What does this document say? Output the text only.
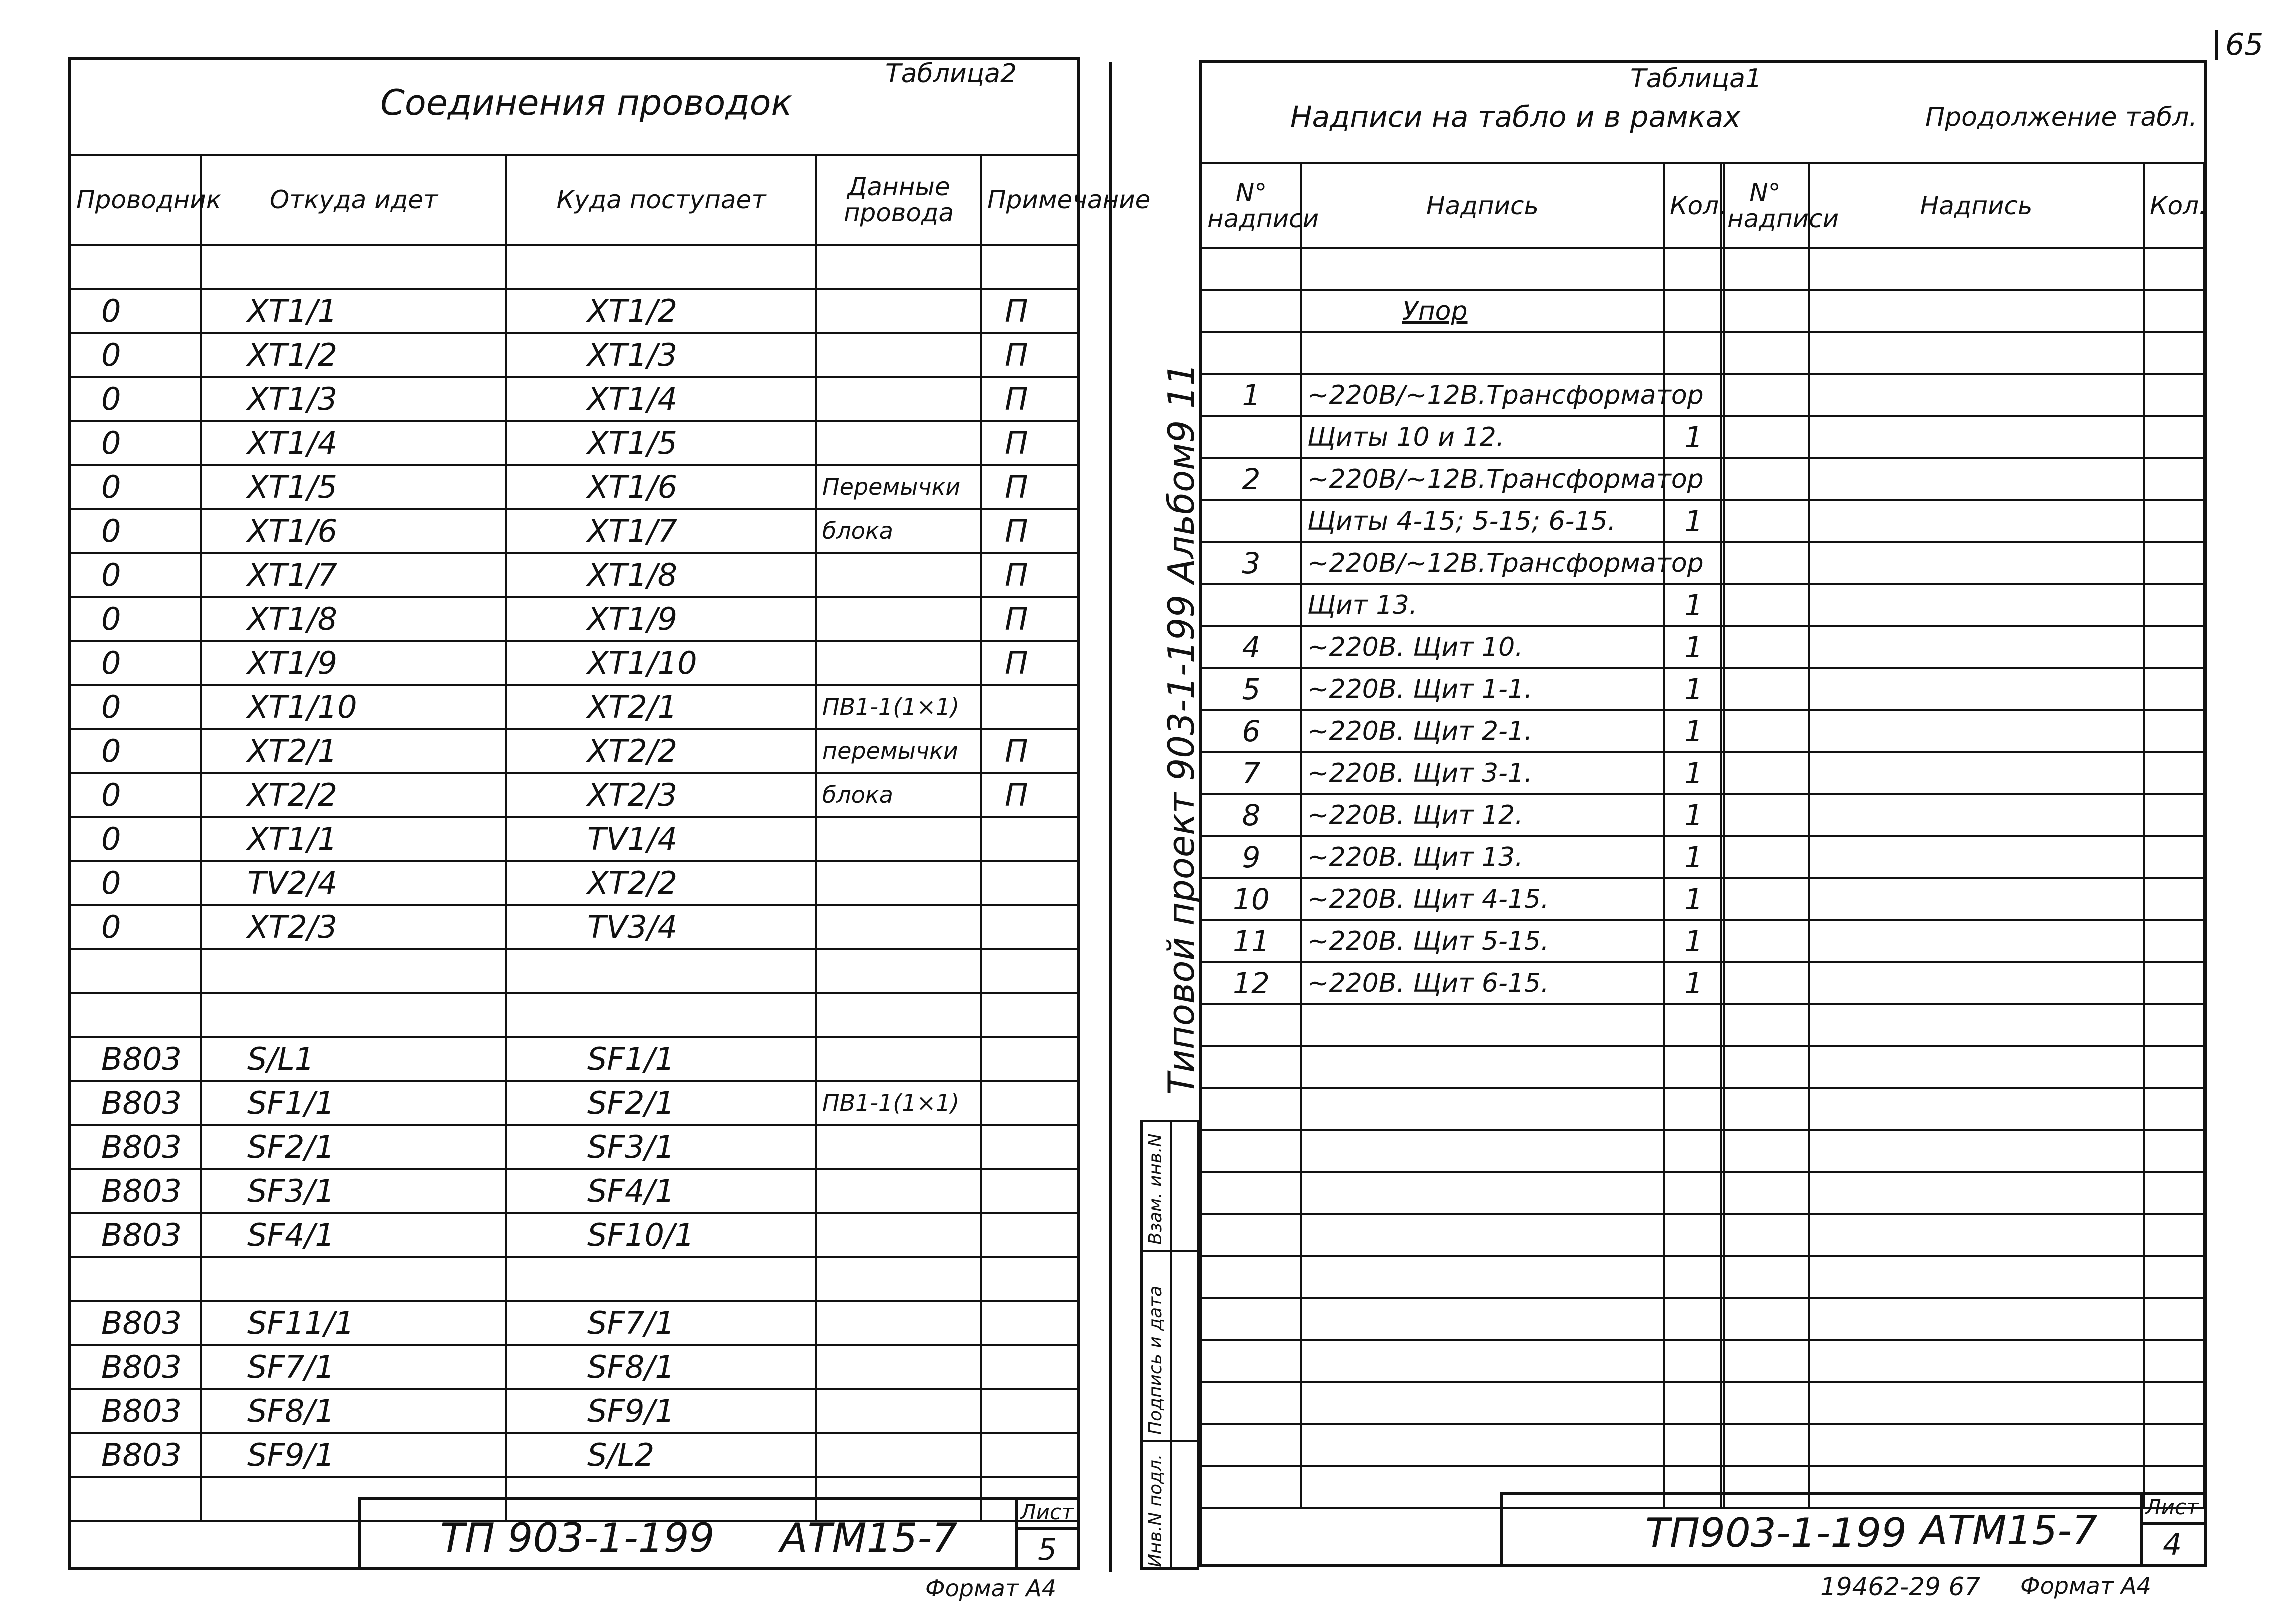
65
Таблица2
Соединения проводок
Проводник	Откуда идет	Куда поступает	Данные провода	Примечание

0	XT1/1	XT1/2		П
0	XT1/2	XT1/3		П
0	XT1/3	XT1/4		П
0	XT1/4	XT1/5		П
0	XT1/5	XT1/6	Перемычки	П
0	XT1/6	XT1/7	блока	П
0	XT1/7	XT1/8		П
0	XT1/8	XT1/9		П
0	XT1/9	XT1/10		П
0	XT1/10	XT2/1	ПВ1-1(1×1)	
0	XT2/1	XT2/2	перемычки	П
0	XT2/2	XT2/3	блока	П
0	XT1/1	TV1/4		
0	TV2/4	XT2/2		
0	XT2/3	TV3/4		

В803	S/L1	SF1/1		
В803	SF1/1	SF2/1	ПВ1-1(1×1)	
В803	SF2/1	SF3/1		
В803	SF3/1	SF4/1		
В803	SF4/1	SF10/1		

В803	SF11/1	SF7/1		
В803	SF7/1	SF8/1		
В803	SF8/1	SF9/1		
В803	SF9/1	S/L2		

ТП 903-1-199 АТМ15-7
Лист
5
Формат А4
Типовой проект 903-1-199 Альбом9 11
Взам. инв.N
Подпись и дата
Инв.N подл.
Таблица1
Надписи на табло и в рамках	Продолжение табл.
N° надписи	Надпись	Кол.

	Упор	

1	~220В/~12В.Трансформатор	
	Щиты 10 и 12.	1
2	~220В/~12В.Трансформатор	
	Щиты 4-15; 5-15; 6-15.	1
3	~220В/~12В.Трансформатор	
	Щит 13.	1
4	~220В. Щит 10.	1
5	~220В. Щит 1-1.	1
6	~220В. Щит 2-1.	1
7	~220В. Щит 3-1.	1
8	~220В. Щит 12.	1
9	~220В. Щит 13.	1
10	~220В. Щит 4-15.	1
11	~220В. Щит 5-15.	1
12	~220В. Щит 6-15.	1

N° надписи	Надпись	Кол.

ТП903-1-199 АТМ15-7
Лист
4
19462-29 67 Формат А4
